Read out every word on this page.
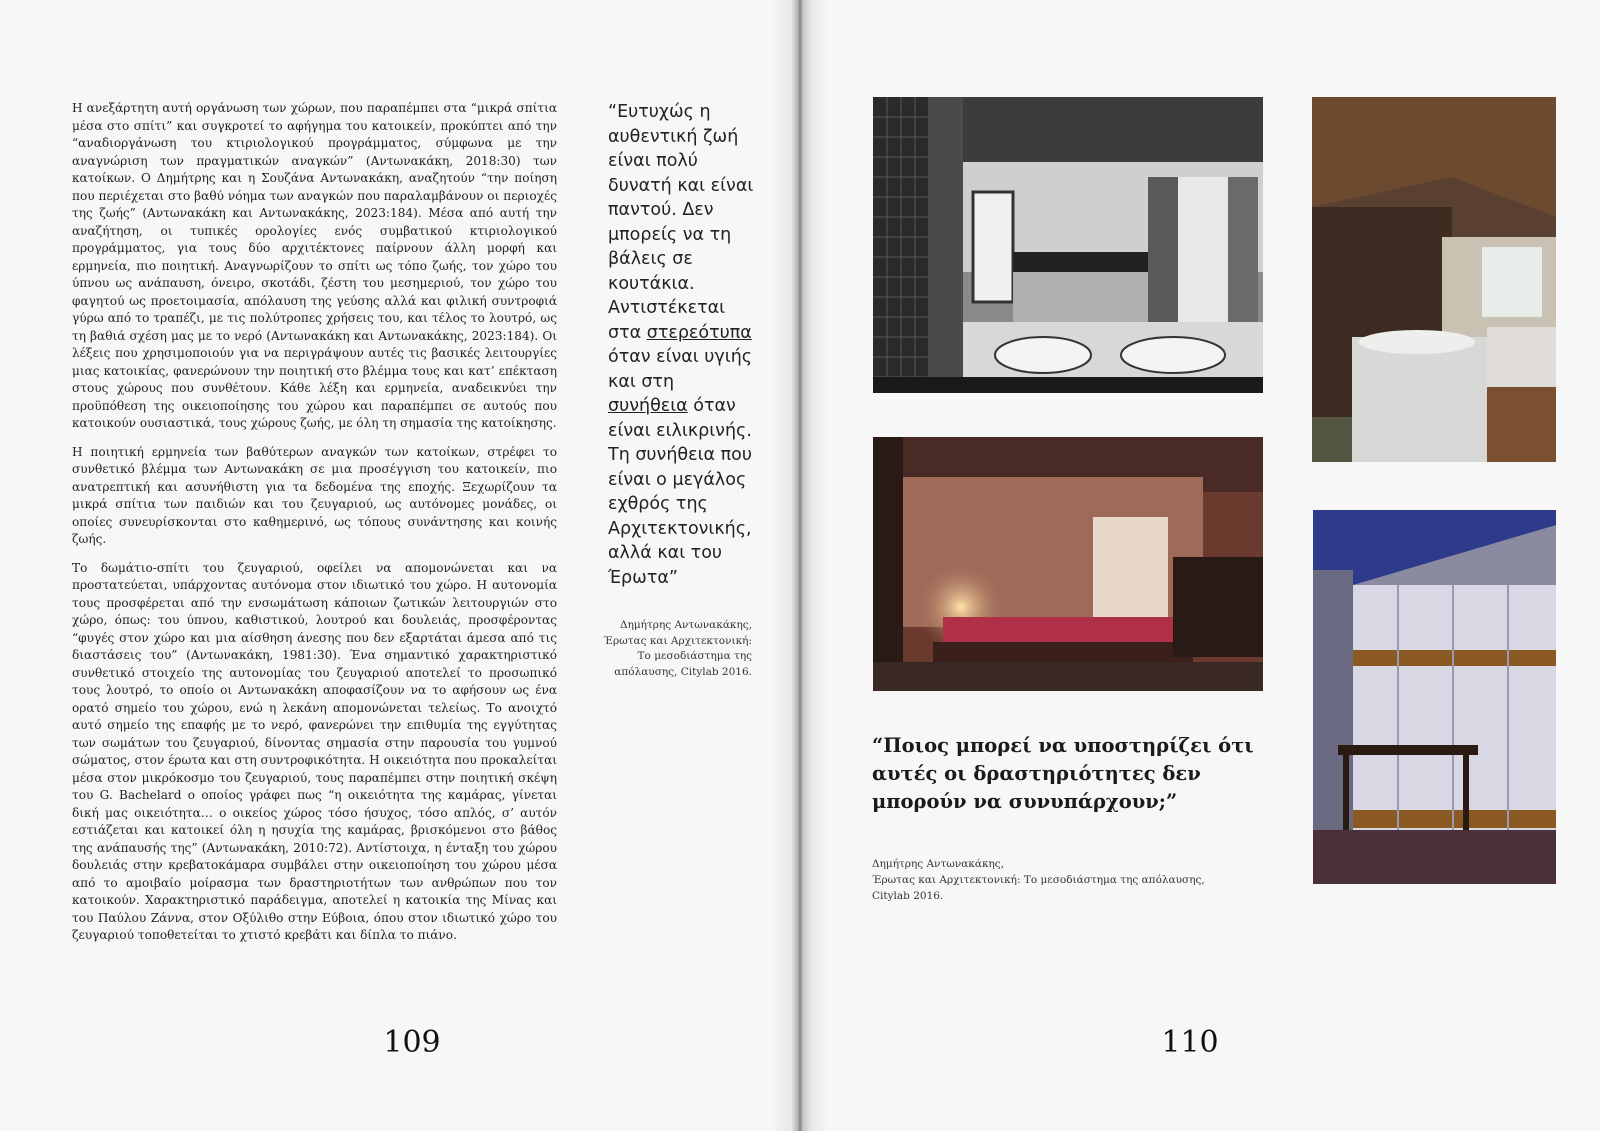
Η ανεξάρτητη αυτή οργάνωση των χώρων, που παραπέμπει στα “μικρά σπίτια μέσα στο σπίτι” και συγκροτεί το αφήγημα του κατοικείν, προκύπτει από την “αναδιοργάνωση του κτιριολογικού προγράμματος, σύμφωνα με την αναγνώριση των πραγματικών αναγκών” (Αντωνακάκη, 2018:30) των κατοίκων. Ο Δημήτρης και η Σουζάνα Αντωνακάκη, αναζητούν “την ποίηση που περιέχεται στο βαθύ νόημα των αναγκών που παραλαμβάνουν οι περιοχές της ζωής” (Αντωνακάκη και Αντωνακάκης, 2023:184). Μέσα από αυτή την αναζήτηση, οι τυπικές ορολογίες ενός συμβατικού κτιριολογικού προγράμματος, για τους δύο αρχιτέκτονες παίρνουν άλλη μορφή και ερμηνεία, πιο ποιητική. Αναγνωρίζουν το σπίτι ως τόπο ζωής, τον χώρο του ύπνου ως ανάπαυση, όνειρο, σκοτάδι, ζέστη του μεσημεριού, τον χώρο του φαγητού ως προετοιμασία, απόλαυση της γεύσης αλλά και φιλική συντροφιά γύρω από το τραπέζι, με τις πολύτροπες χρήσεις του, και τέλος το λουτρό, ως τη βαθιά σχέση μας με το νερό (Αντωνακάκη και Αντωνακάκης, 2023:184). Οι λέξεις που χρησιμοποιούν για να περιγράψουν αυτές τις βασικές λειτουργίες μιας κατοικίας, φανερώνουν την ποιητική στο βλέμμα τους και κατ’ επέκταση στους χώρους που συνθέτουν. Κάθε λέξη και ερμηνεία, αναδεικνύει την προϋπόθεση της οικειοποίησης του χώρου και παραπέμπει σε αυτούς που κατοικούν ουσιαστικά, τους χώρους ζωής, με όλη τη σημασία της κατοίκησης.

Η ποιητική ερμηνεία των βαθύτερων αναγκών των κατοίκων, στρέφει το συνθετικό βλέμμα των Αντωνακάκη σε μια προσέγγιση του κατοικείν, πιο ανατρεπτική και ασυνήθιστη για τα δεδομένα της εποχής. Ξεχωρίζουν τα μικρά σπίτια των παιδιών και του ζευγαριού, ως αυτόνομες μονάδες, οι οποίες συνευρίσκονται στο καθημερινό, ως τόπους συνάντησης και κοινής ζωής.

Το δωμάτιο-σπίτι του ζευγαριού, οφείλει να απομονώνεται και να προστατεύεται, υπάρχοντας αυτόνομα στον ιδιωτικό του χώρο. Η αυτονομία τους προσφέρεται από την ενσωμάτωση κάποιων ζωτικών λειτουργιών στο χώρο, όπως: του ύπνου, καθιστικού, λουτρού και δουλειάς, προσφέροντας “φυγές στον χώρο και μια αίσθηση άνεσης που δεν εξαρτάται άμεσα από τις διαστάσεις του” (Αντωνακάκη, 1981:30). Ένα σημαντικό χαρακτηριστικό συνθετικό στοιχείο της αυτονομίας του ζευγαριού αποτελεί το προσωπικό τους λουτρό, το οποίο οι Αντωνακάκη αποφασίζουν να το αφήσουν ως ένα ορατό σημείο του χώρου, ενώ η λεκάνη απομονώνεται τελείως. Το ανοιχτό αυτό σημείο της επαφής με το νερό, φανερώνει την επιθυμία της εγγύτητας των σωμάτων του ζευγαριού, δίνοντας σημασία στην παρουσία του γυμνού σώματος, στον έρωτα και στη συντροφικότητα. Η οικειότητα που προκαλείται μέσα στον μικρόκοσμο του ζευγαριού, τους παραπέμπει στην ποιητική σκέψη του G. Bachelard ο οποίος γράφει πως “η οικειότητα της καμάρας, γίνεται δική μας οικειότητα… ο οικείος χώρος τόσο ήσυχος, τόσο απλός, σ’ αυτόν εστιάζεται και κατοικεί όλη η ησυχία της καμάρας, βρισκόμενοι στο βάθος της ανάπαυσής της” (Αντωνακάκη, 2010:72). Αντίστοιχα, η ένταξη του χώρου δουλειάς στην κρεβατοκάμαρα συμβάλει στην οικειοποίηση του χώρου μέσα από το αμοιβαίο μοίρασμα των δραστηριοτήτων των ανθρώπων που τον κατοικούν. Χαρακτηριστικό παράδειγμα, αποτελεί η κατοικία της Μίνας και του Παύλου Ζάννα, στον Οξύλιθο στην Εύβοια, όπου στον ιδιωτικό χώρο του ζευγαριού τοποθετείται το χτιστό κρεβάτι και δίπλα το πιάνο.

“Ευτυχώς η αυθεντική ζωή είναι πολύ δυνατή και είναι παντού. Δεν μπορείς να τη βάλεις σε κουτάκια. Αντιστέκεται στα στερεότυπα όταν είναι υγιής και στη συνήθεια όταν είναι ειλικρινής. Τη συνήθεια που είναι ο μεγάλος εχθρός της Αρχιτεκτονικής, αλλά και του Έρωτα”
Δημήτρης Αντωνακάκης, Έρωτας και Αρχιτεκτονική: Το μεσοδιάστημα της απόλαυσης, Citylab 2016.
109
“Ποιος μπορεί να υποστηρίζει ότι αυτές οι δραστηριότητες δεν μπορούν να συνυπάρχουν;”
Δημήτρης Αντωνακάκης,
Έρωτας και Αρχιτεκτονική: Το μεσοδιάστημα της απόλαυσης,
Citylab 2016.
110
